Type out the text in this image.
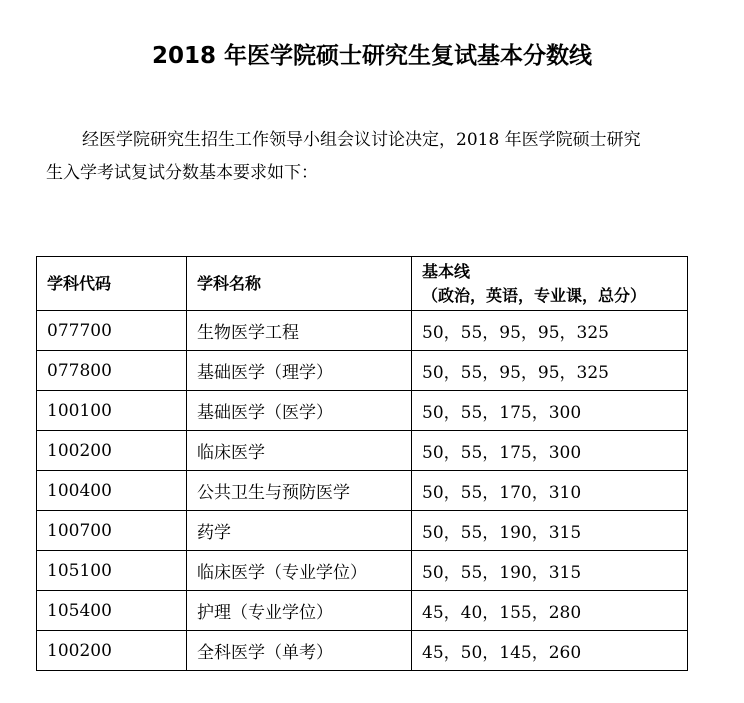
2018 年医学院硕士研究生复试基本分数线

经医学院研究生招生工作领导小组会议讨论决定，2018 年医学院硕士研究
生入学考试复试分数基本要求如下：

学科代码	学科名称	基本线
（政治，英语，专业课，总分）

077700	生物医学工程	50，55，95，95，325
077800	基础医学（理学）	50，55，95，95，325
100100	基础医学（医学）	50，55，175，300
100200	临床医学	50，55，175，300
100400	公共卫生与预防医学	50，55，170，310
100700	药学	50，55，190，315
105100	临床医学（专业学位）	50，55，190，315
105400	护理（专业学位）	45，40，155，280
100200	全科医学（单考）	45，50，145，260
